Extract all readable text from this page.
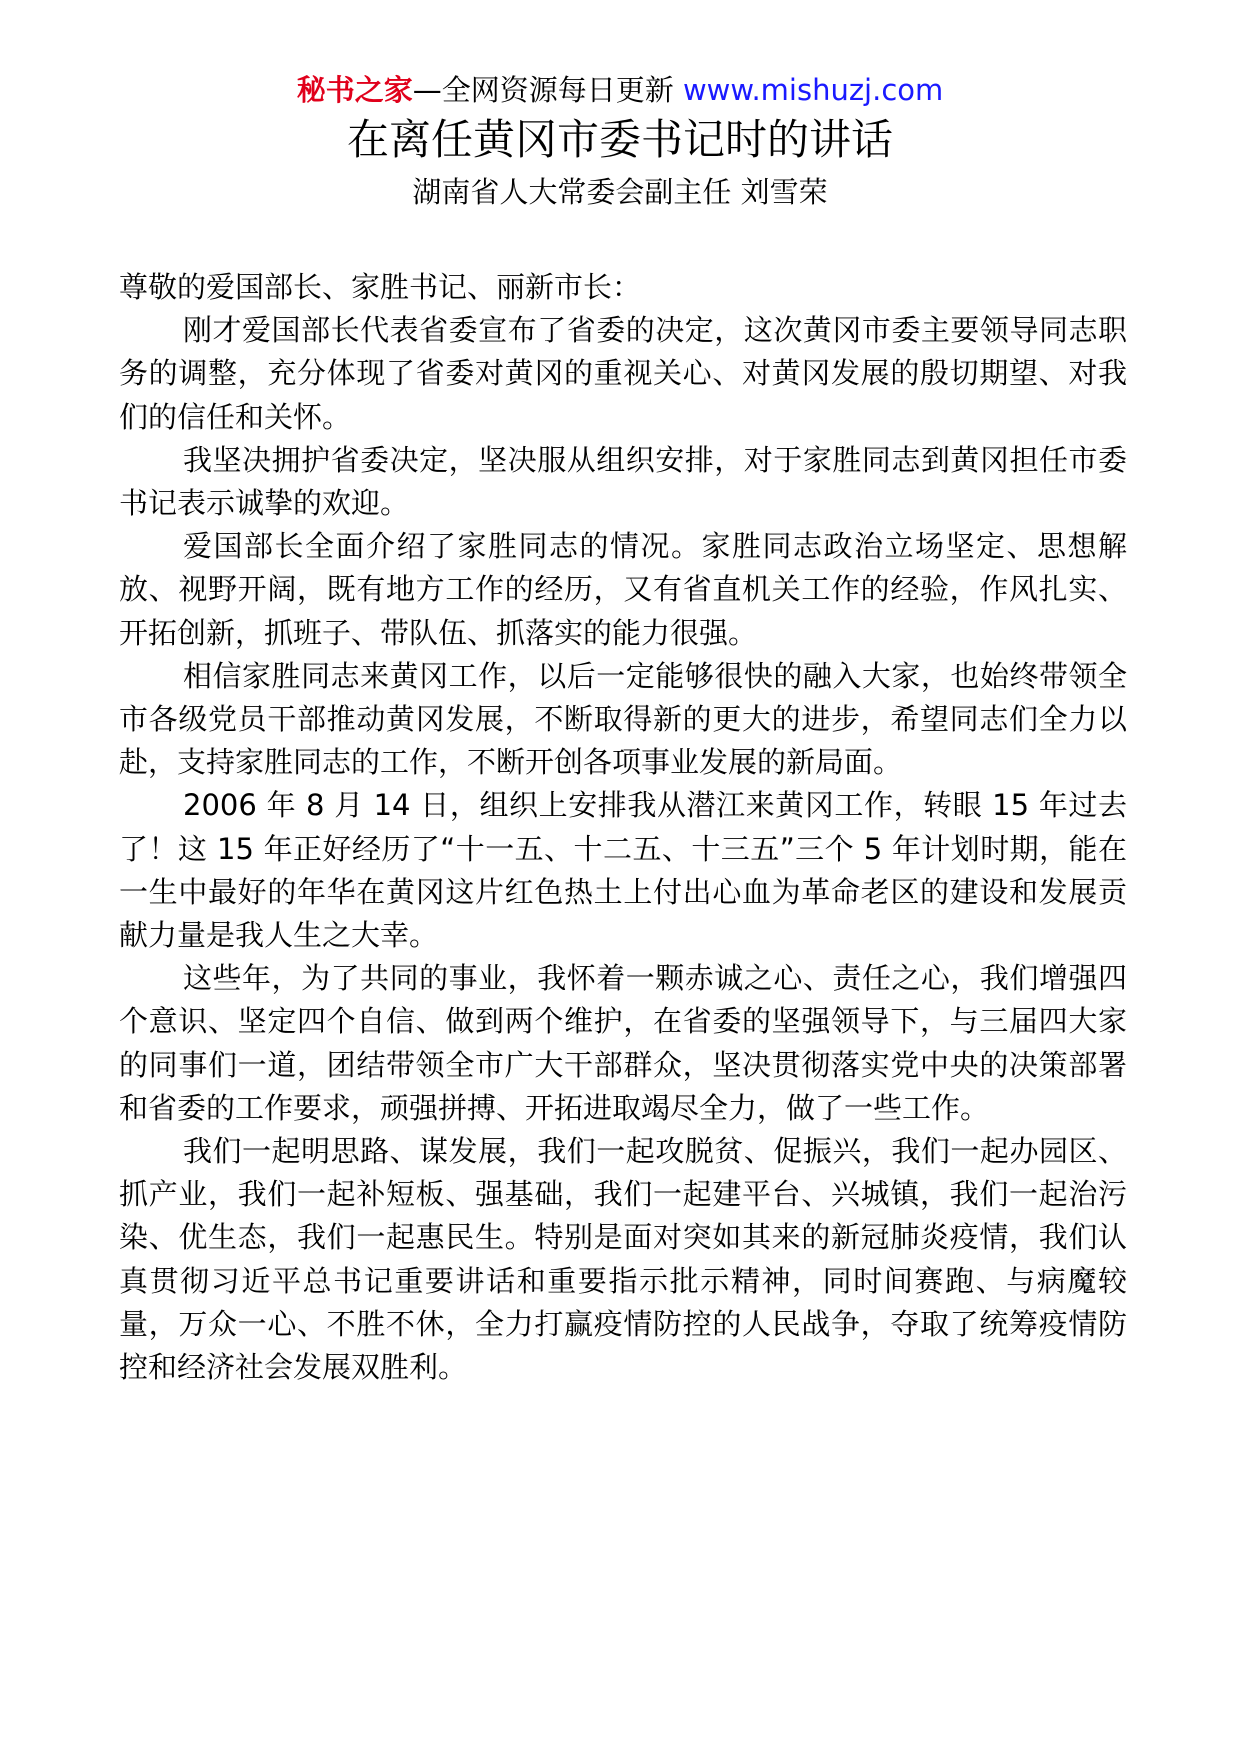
秘书之家—全网资源每日更新 www.mishuzj.com
在离任黄冈市委书记时的讲话
湖南省人大常委会副主任 刘雪荣

尊敬的爱国部长、家胜书记、丽新市长：

刚才爱国部长代表省委宣布了省委的决定，这次黄冈市委主要领导同志职务的调整，充分体现了省委对黄冈的重视关心、对黄冈发展的殷切期望、对我们的信任和关怀。

我坚决拥护省委决定，坚决服从组织安排，对于家胜同志到黄冈担任市委书记表示诚挚的欢迎。

爱国部长全面介绍了家胜同志的情况。家胜同志政治立场坚定、思想解放、视野开阔，既有地方工作的经历，又有省直机关工作的经验，作风扎实、开拓创新，抓班子、带队伍、抓落实的能力很强。

相信家胜同志来黄冈工作，以后一定能够很快的融入大家，也始终带领全市各级党员干部推动黄冈发展，不断取得新的更大的进步，希望同志们全力以赴，支持家胜同志的工作，不断开创各项事业发展的新局面。

2006 年 8 月 14 日，组织上安排我从潜江来黄冈工作，转眼 15 年过去了！这 15 年正好经历了“十一五、十二五、十三五”三个 5 年计划时期，能在一生中最好的年华在黄冈这片红色热土上付出心血为革命老区的建设和发展贡献力量是我人生之大幸。

这些年，为了共同的事业，我怀着一颗赤诚之心、责任之心，我们增强四个意识、坚定四个自信、做到两个维护，在省委的坚强领导下，与三届四大家的同事们一道，团结带领全市广大干部群众，坚决贯彻落实党中央的决策部署和省委的工作要求，顽强拼搏、开拓进取竭尽全力，做了一些工作。

我们一起明思路、谋发展，我们一起攻脱贫、促振兴，我们一起办园区、抓产业，我们一起补短板、强基础，我们一起建平台、兴城镇，我们一起治污染、优生态，我们一起惠民生。特别是面对突如其来的新冠肺炎疫情，我们认真贯彻习近平总书记重要讲话和重要指示批示精神，同时间赛跑、与病魔较量，万众一心、不胜不休，全力打赢疫情防控的人民战争，夺取了统筹疫情防控和经济社会发展双胜利。
